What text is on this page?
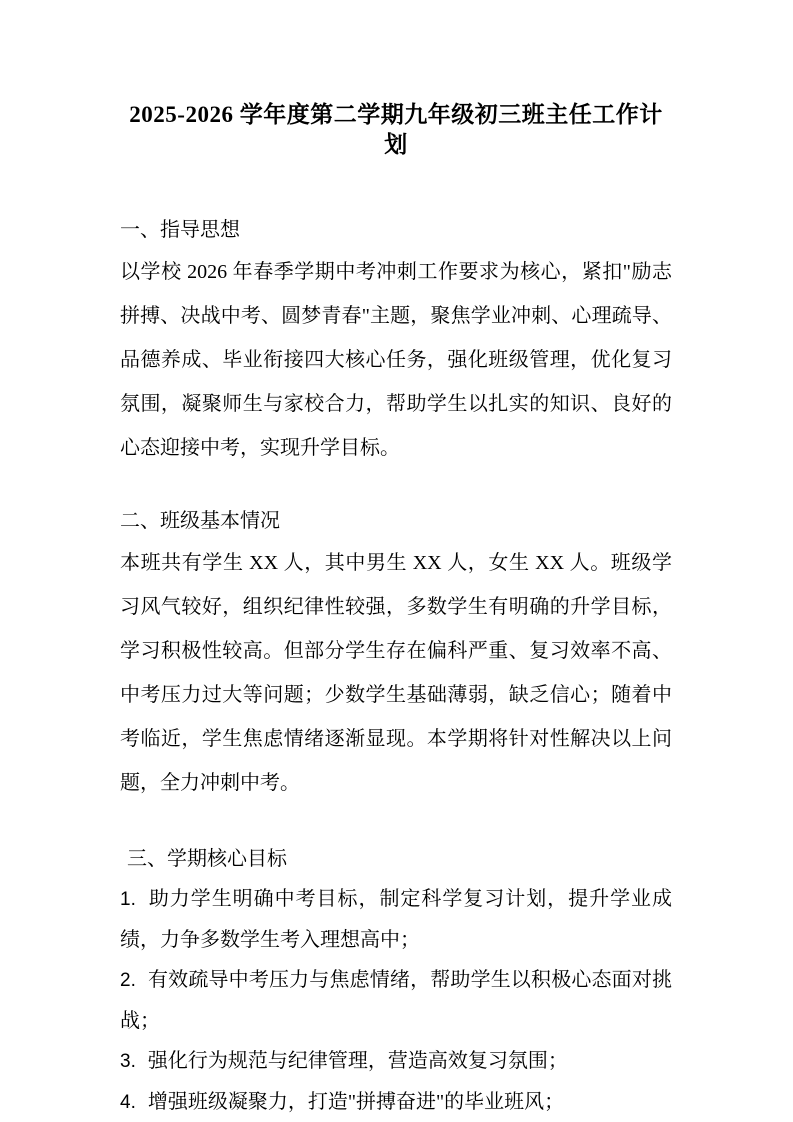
2025-2026 学年度第二学期九年级初三班主任工作计划
一、指导思想

以学校 2026 年春季学期中考冲刺工作要求为核心，紧扣"励志拼搏、决战中考、圆梦青春"主题，聚焦学业冲刺、心理疏导、品德养成、毕业衔接四大核心任务，强化班级管理，优化复习氛围，凝聚师生与家校合力，帮助学生以扎实的知识、良好的心态迎接中考，实现升学目标。

二、班级基本情况

本班共有学生 XX 人，其中男生 XX 人，女生 XX 人。班级学习风气较好，组织纪律性较强，多数学生有明确的升学目标，学习积极性较高。但部分学生存在偏科严重、复习效率不高、中考压力过大等问题；少数学生基础薄弱，缺乏信心；随着中考临近，学生焦虑情绪逐渐显现。本学期将针对性解决以上问题，全力冲刺中考。

三、学期核心目标

1. 助力学生明确中考目标，制定科学复习计划，提升学业成绩，力争多数学生考入理想高中；

2. 有效疏导中考压力与焦虑情绪，帮助学生以积极心态面对挑战；

3. 强化行为规范与纪律管理，营造高效复习氛围；

4. 增强班级凝聚力，打造"拼搏奋进"的毕业班风；
